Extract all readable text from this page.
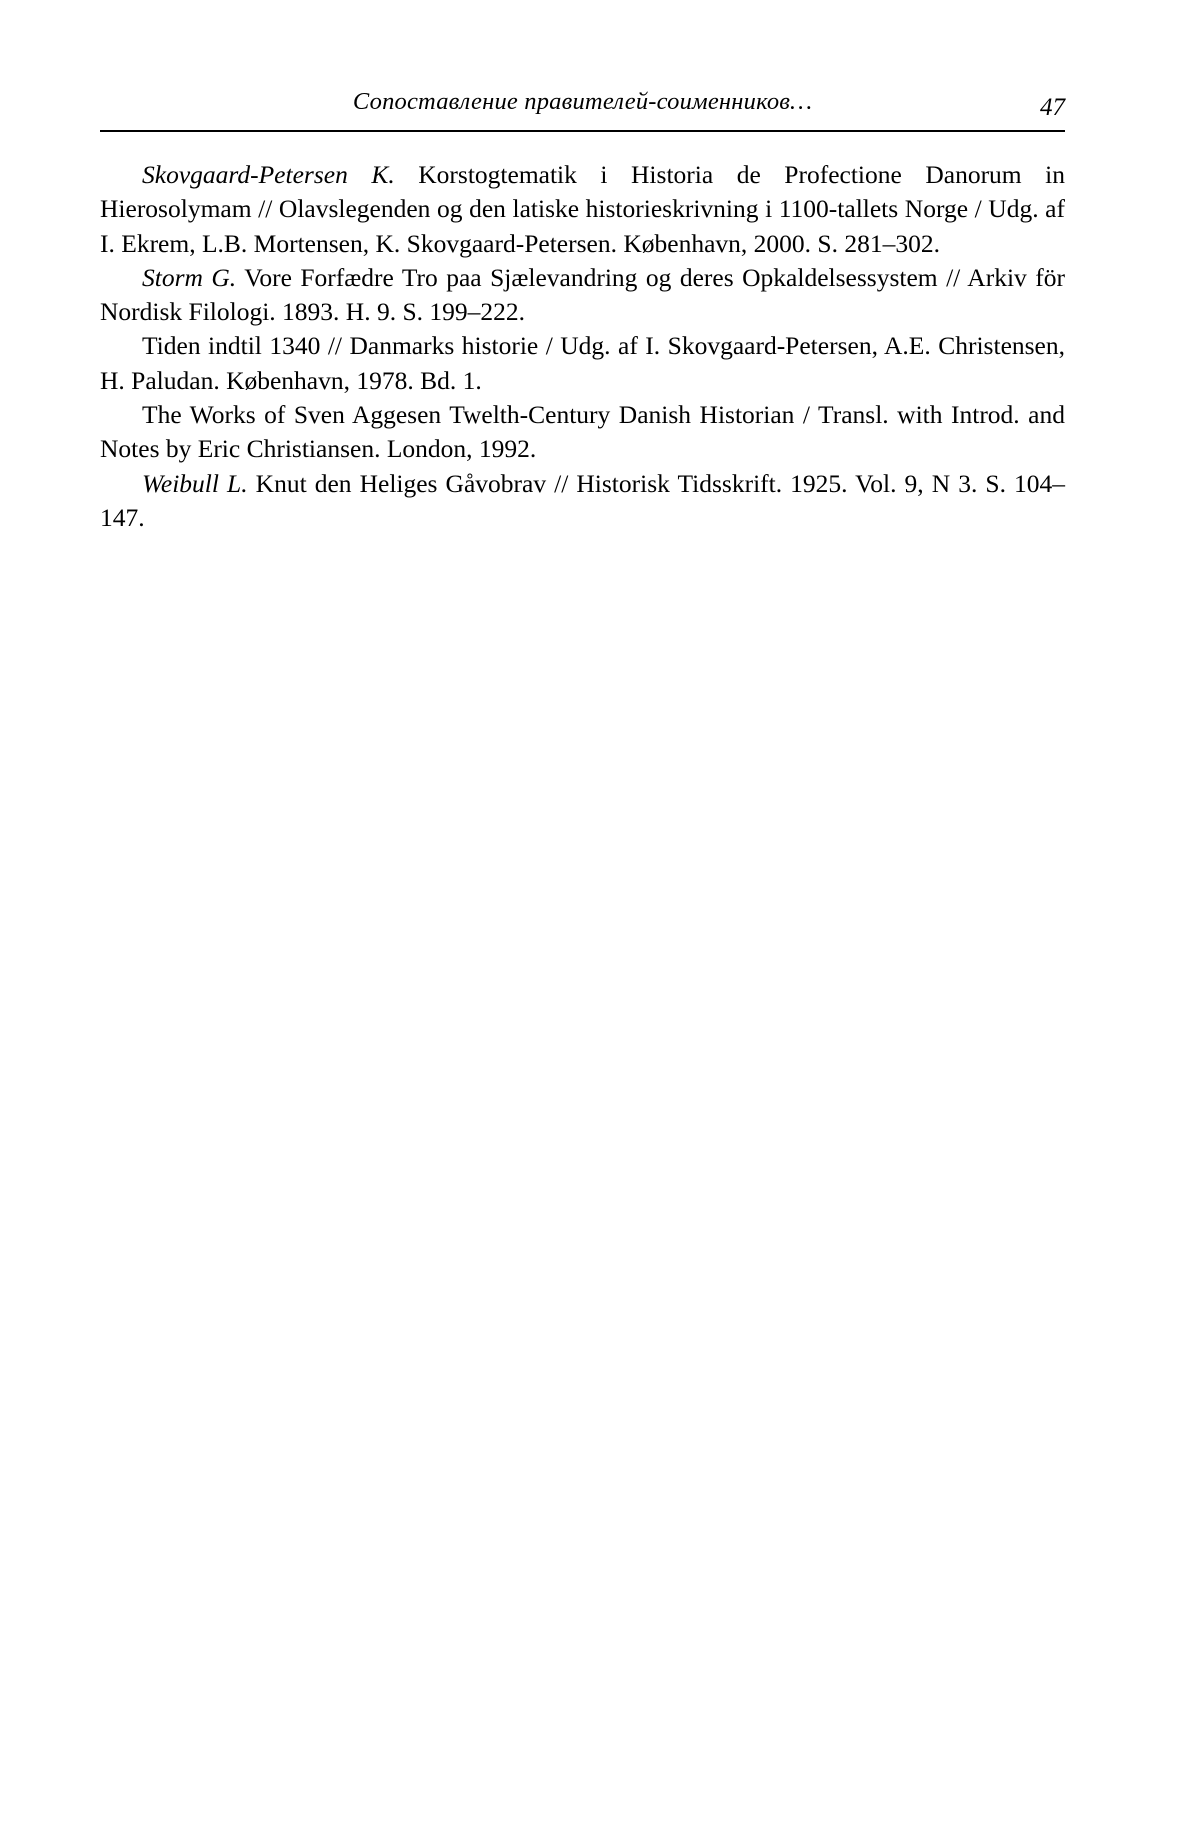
Сопоставление правителей-соименников…	47

Skovgaard-Petersen K. Korstogtematik i Historia de Profectione Danorum in Hierosolymam // Olavslegenden og den latiske historieskrivning i 1100-tallets Norge / Udg. af I. Ekrem, L.B. Mortensen, K. Skovgaard-Petersen. København, 2000. S. 281–302.

Storm G. Vore Forfædre Tro paa Sjælevandring og deres Opkaldelsessystem // Arkiv för Nordisk Filologi. 1893. H. 9. S. 199–222.

Tiden indtil 1340 // Danmarks historie / Udg. af I. Skovgaard-Petersen, A.E. Christensen, H. Paludan. København, 1978. Bd. 1.

The Works of Sven Aggesen Twelth-Century Danish Historian / Transl. with Introd. and Notes by Eric Christiansen. London, 1992.

Weibull L. Knut den Heliges Gåvobrav // Historisk Tidsskrift. 1925. Vol. 9, N 3. S. 104–147.
